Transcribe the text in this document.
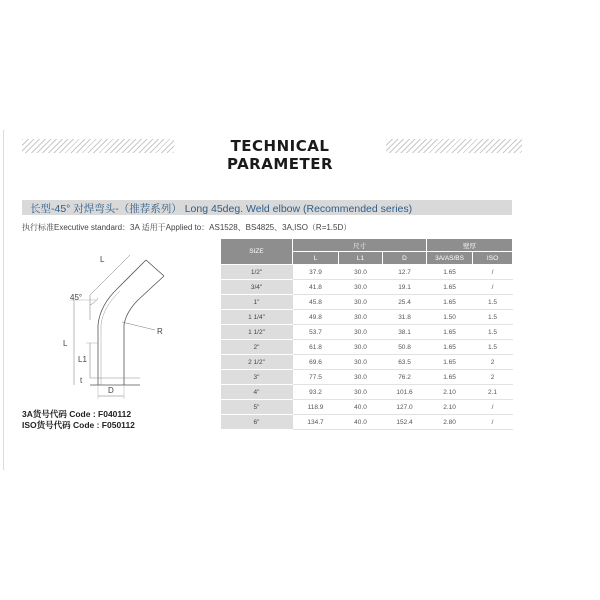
TECHNICAL PARAMETER
长型-45° 对焊弯头-（推荐系列） Long 45deg. Weld elbow (Recommended series)
执行标准Executive standard：3A 适用于Applied to：AS1528、BS4825、3A,ISO（R=1.5D）
L
45°
R
L
L1
t
D
3A货号代码 Code : F040112
ISO货号代码 Code : F050112
SIZE	尺寸			壁厚	
	L	L1	D	3A/AS/BS	ISO
1/2"	37.9	30.0	12.7	1.65	/
3/4"	41.8	30.0	19.1	1.65	/
1"	45.8	30.0	25.4	1.65	1.5
1 1/4"	49.8	30.0	31.8	1.50	1.5
1 1/2"	53.7	30.0	38.1	1.65	1.5
2"	61.8	30.0	50.8	1.65	1.5
2 1/2"	69.6	30.0	63.5	1.65	2
3"	77.5	30.0	76.2	1.65	2
4"	93.2	30.0	101.6	2.10	2.1
5"	118.9	40.0	127.0	2.10	/
6"	134.7	40.0	152.4	2.80	/
